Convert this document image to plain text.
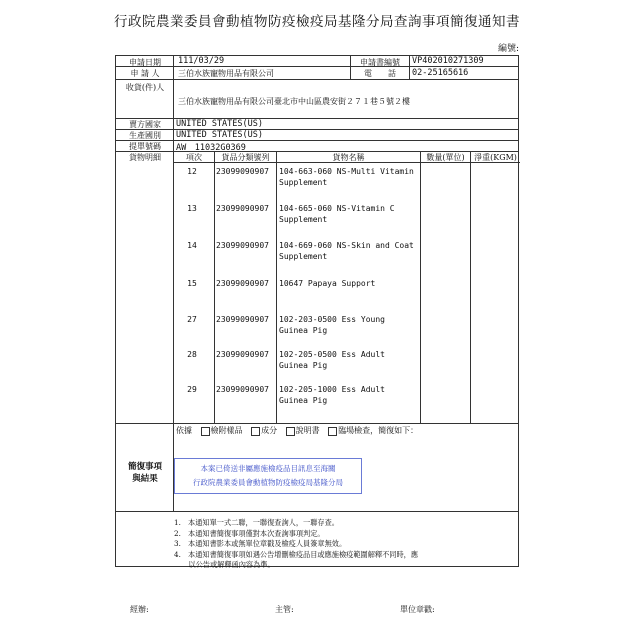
行政院農業委員會動植物防疫檢疫局基隆分局查詢事項簡復通知書
編號:
申請日期	111/03/29	申請書編號	VP402010271309
申 請 人	三伯水族寵物用品有限公司	電　　話	02-25165616
收貨(件)人
三伯水族寵物用品有限公司臺北市中山區農安街２７１巷５號２樓
賣方國家	UNITED STATES(US)
生產國別	UNITED STATES(US)
提單號碼	AW　11032G0369
貨物明細	項次	貨品分類號列	貨物名稱	數量(單位)	淨重(KGM)
12	23099090907	104-663-060 NS-Multi Vitamin
Supplement
13	23099090907	104-665-060 NS-Vitamin C
Supplement
14	23099090907	104-669-060 NS-Skin and Coat
Supplement
15	23099090907	10647 Papaya Support
27	23099090907	102-203-0500 Ess Young
Guinea Pig
28	23099090907	102-205-0500 Ess Adult
Guinea Pig
29	23099090907	102-205-1000 Ess Adult
Guinea Pig
簡復事項
與結果
依據 檢附樣品 成分 說明書 臨場檢查，簡復如下：
本案已倚送非屬應施檢疫品目訊息至海關
行政院農業委員會動植物防疫檢疫局基隆分局
1.　本通知單一式二聯，一聯復查詢人，一聯存查。
2.　本通知書簡復事項僅對本次查詢事項判定。
3.　本通知書影本或無單位章戳及檢疫人員簽章無效。
4.　本通知書簡復事項如遇公告增刪檢疫品目或應施檢疫範圍解釋不同時，應
　　以公告或解釋函內容為準。
經辦:	主管:	單位章戳:
